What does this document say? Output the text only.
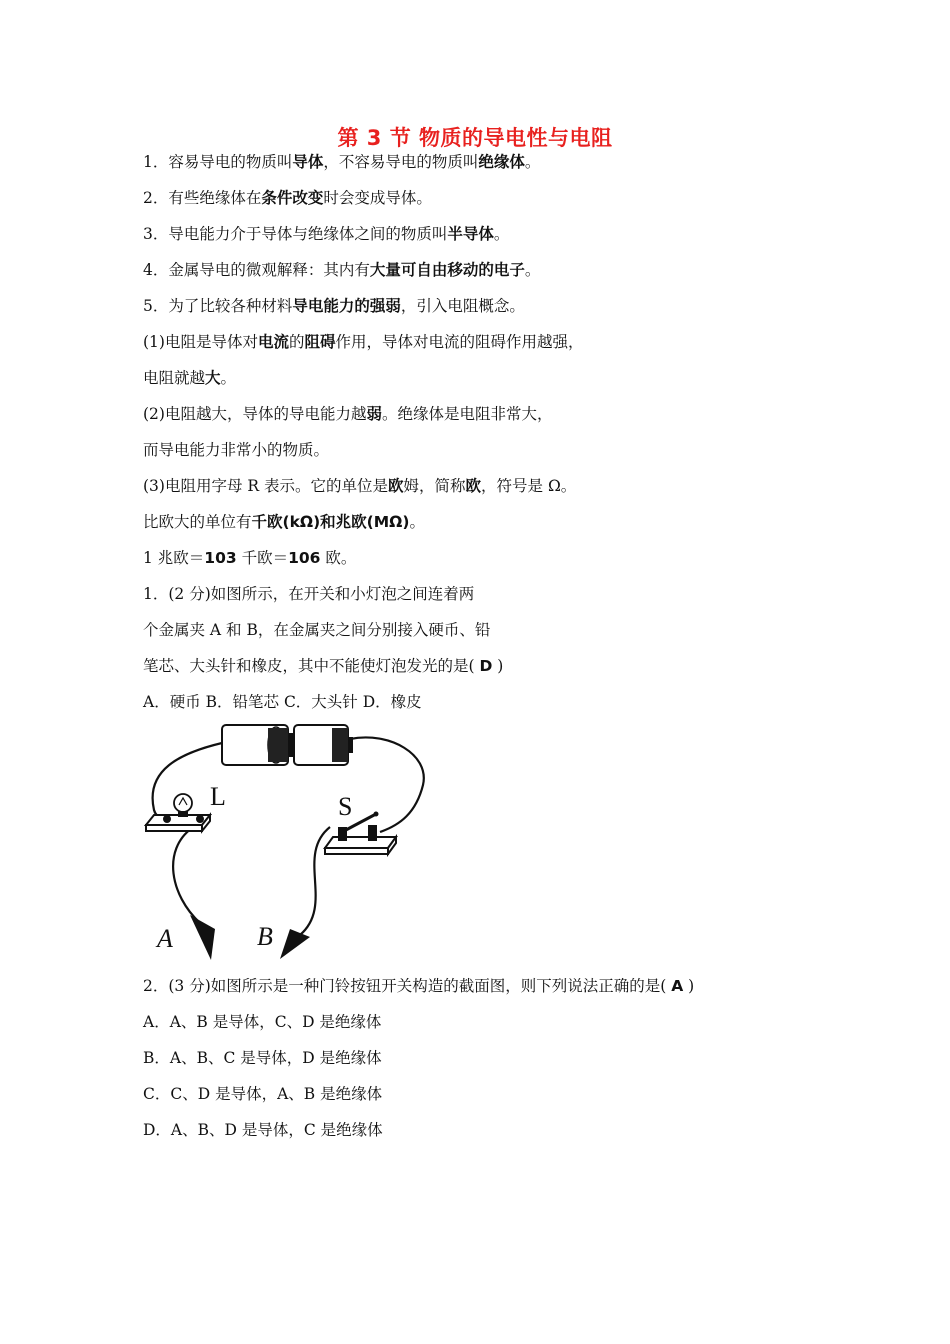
第 3 节 物质的导电性与电阻
1．容易导电的物质叫导体，不容易导电的物质叫绝缘体。
2．有些绝缘体在条件改变时会变成导体。
3．导电能力介于导体与绝缘体之间的物质叫半导体。
4．金属导电的微观解释：其内有大量可自由移动的电子。
5．为了比较各种材料导电能力的强弱，引入电阻概念。
(1)电阻是导体对电流的阻碍作用，导体对电流的阻碍作用越强，
电阻就越大。
(2)电阻越大，导体的导电能力越弱。绝缘体是电阻非常大，
而导电能力非常小的物质。
(3)电阻用字母 R 表示。它的单位是欧姆，简称欧，符号是 Ω。
比欧大的单位有千欧(kΩ)和兆欧(MΩ)。
1 兆欧＝103 千欧＝106 欧。
1．(2 分)如图所示，在开关和小灯泡之间连着两
个金属夹 A 和 B，在金属夹之间分别接入硬币、铅
笔芯、大头针和橡皮，其中不能使灯泡发光的是( D )
A．硬币 B．铅笔芯 C．大头针 D．橡皮
L	S
A	B
2．(3 分)如图所示是一种门铃按钮开关构造的截面图，则下列说法正确的是( A )
A．A、B 是导体，C、D 是绝缘体
B．A、B、C 是导体，D 是绝缘体
C．C、D 是导体，A、B 是绝缘体
D．A、B、D 是导体，C 是绝缘体
